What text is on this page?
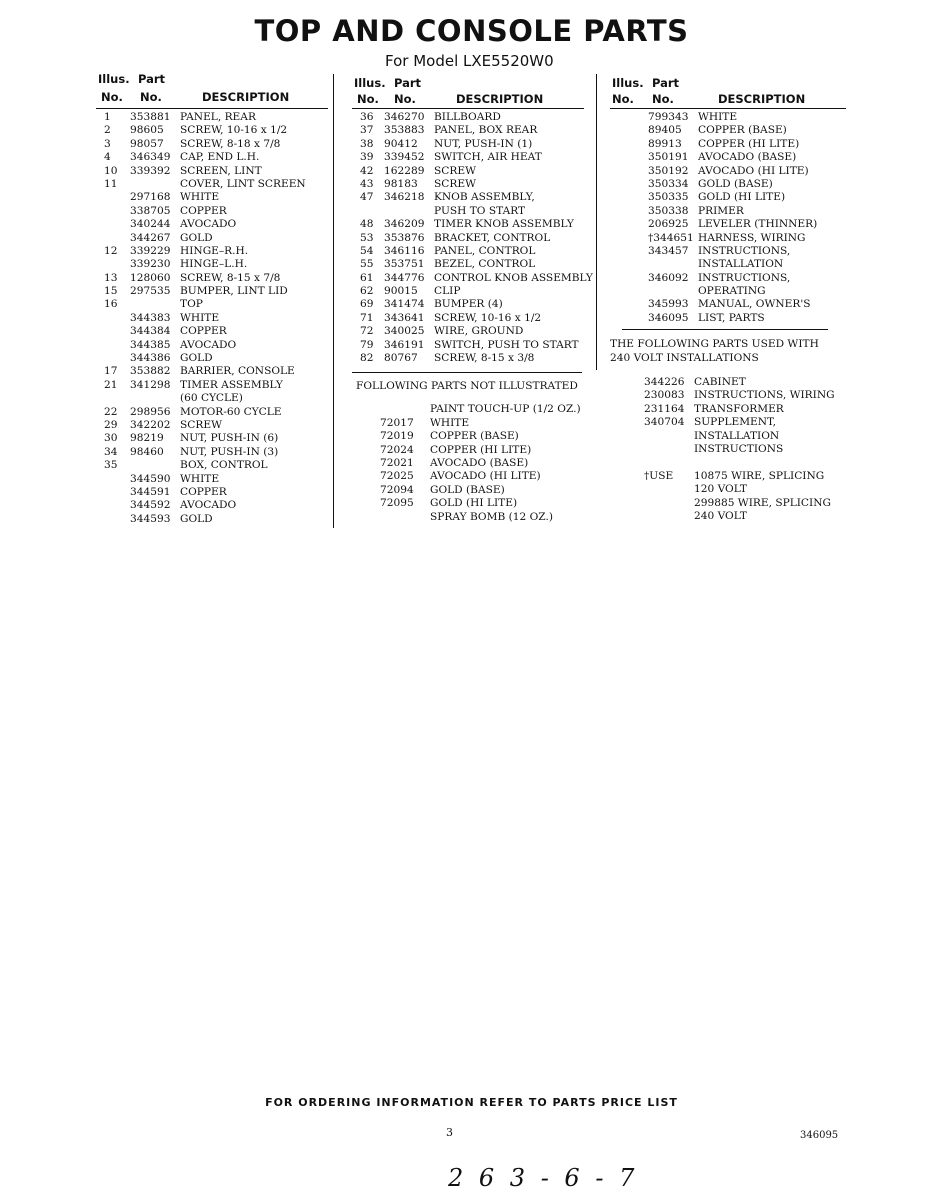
TOP AND CONSOLE PARTS
For Model LXE5520W0
Illus. Part
No. No.	DESCRIPTION
1 353881 PANEL, REAR
2 98605 SCREW, 10-16 x 1/2
3 98057 SCREW, 8-18 x 7/8
4 346349 CAP, END L.H.
10 339392 SCREEN, LINT
11	COVER, LINT SCREEN
297168 WHITE
338705 COPPER
340244 AVOCADO
344267 GOLD
12 339229 HINGE–R.H.
339230 HINGE–L.H.
13 128060 SCREW, 8-15 x 7/8
15 297535 BUMPER, LINT LID
16	TOP
344383 WHITE
344384 COPPER
344385 AVOCADO
344386 GOLD
17 353882 BARRIER, CONSOLE
21 341298 TIMER ASSEMBLY
(60 CYCLE)
22 298956 MOTOR-60 CYCLE
29 342202 SCREW
30 98219 NUT, PUSH-IN (6)
34 98460 NUT, PUSH-IN (3)
35	BOX, CONTROL
344590 WHITE
344591 COPPER
344592 AVOCADO
344593 GOLD
Illus. Part
No. No.	DESCRIPTION
36 346270 BILLBOARD
37 353883 PANEL, BOX REAR
38 90412 NUT, PUSH-IN (1)
39 339452 SWITCH, AIR HEAT
42 162289 SCREW
43 98183 SCREW
47 346218 KNOB ASSEMBLY,
PUSH TO START
48 346209 TIMER KNOB ASSEMBLY
53 353876 BRACKET, CONTROL
54 346116 PANEL, CONTROL
55 353751 BEZEL, CONTROL
61 344776 CONTROL KNOB ASSEMBLY
62 90015 CLIP
69 341474 BUMPER (4)
71 343641 SCREW, 10-16 x 1/2
72 340025 WIRE, GROUND
79 346191 SWITCH, PUSH TO START
82 80767 SCREW, 8-15 x 3/8
FOLLOWING PARTS NOT ILLUSTRATED
PAINT TOUCH-UP (1/2 OZ.)
72017 WHITE
72019 COPPER (BASE)
72024 COPPER (HI LITE)
72021 AVOCADO (BASE)
72025 AVOCADO (HI LITE)
72094 GOLD (BASE)
72095 GOLD (HI LITE)
SPRAY BOMB (12 OZ.)
Illus. Part
No. No.	DESCRIPTION
799343 WHITE
89405 COPPER (BASE)
89913 COPPER (HI LITE)
350191 AVOCADO (BASE)
350192 AVOCADO (HI LITE)
350334 GOLD (BASE)
350335 GOLD (HI LITE)
350338 PRIMER
206925 LEVELER (THINNER)
†344651 HARNESS, WIRING
343457 INSTRUCTIONS,
INSTALLATION
346092 INSTRUCTIONS,
OPERATING
345993 MANUAL, OWNER'S
346095 LIST, PARTS
THE FOLLOWING PARTS USED WITH 240 VOLT INSTALLATIONS
344226 CABINET
230083 INSTRUCTIONS, WIRING
231164 TRANSFORMER
340704 SUPPLEMENT,
INSTALLATION
INSTRUCTIONS
†USE 10875 WIRE, SPLICING
120 VOLT
299885 WIRE, SPLICING
240 VOLT
FOR ORDERING INFORMATION REFER TO PARTS PRICE LIST
3	346095
2 6 3 - 6 - 7
